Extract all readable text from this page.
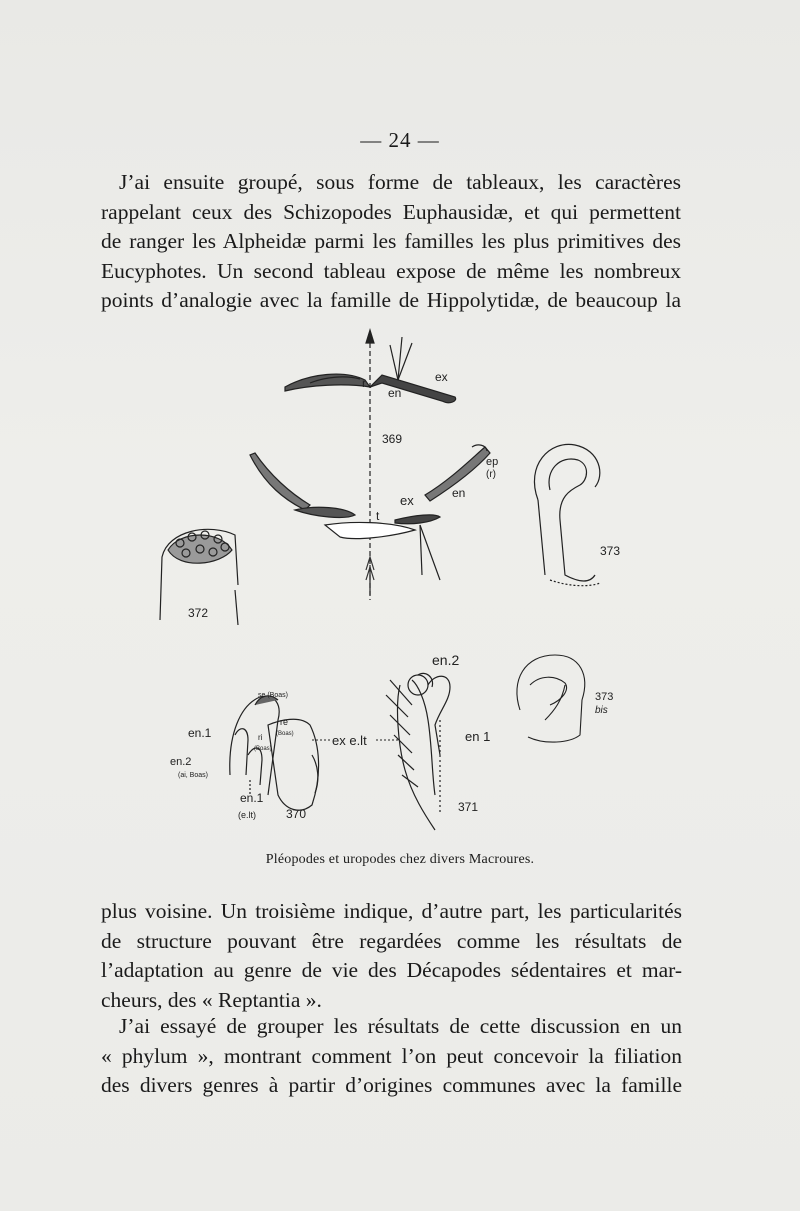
— 24 —

J’ai ensuite groupé, sous forme de tableaux, les caractères
rappelant ceux des Schizopodes Euphausidæ, et qui permettent
de ranger les Alpheidæ parmi les familles les plus primitives des
Eucyphotes. Un second tableau expose de même les nombreux
points d’analogie avec la famille de Hippolytidæ, de beaucoup la

r
en
ex
369
ep
(r)
en
ex
t
372
373
373
bis
en.1
en.2
(ai, Boas)
se (Boas)
re
(Boas)
ri
(Boas)
ex e.lt
en.1
(e.lt)	370
en.2
en 1
371
Pléopodes et uropodes chez divers Macroures.

plus voisine. Un troisième indique, d’autre part, les particularités
de structure pouvant être regardées comme les résultats de
l’adaptation au genre de vie des Décapodes sédentaires et mar-
cheurs, des « Reptantia ».

J’ai essayé de grouper les résultats de cette discussion en un
« phylum », montrant comment l’on peut concevoir la filiation
des divers genres à partir d’origines communes avec la famille
